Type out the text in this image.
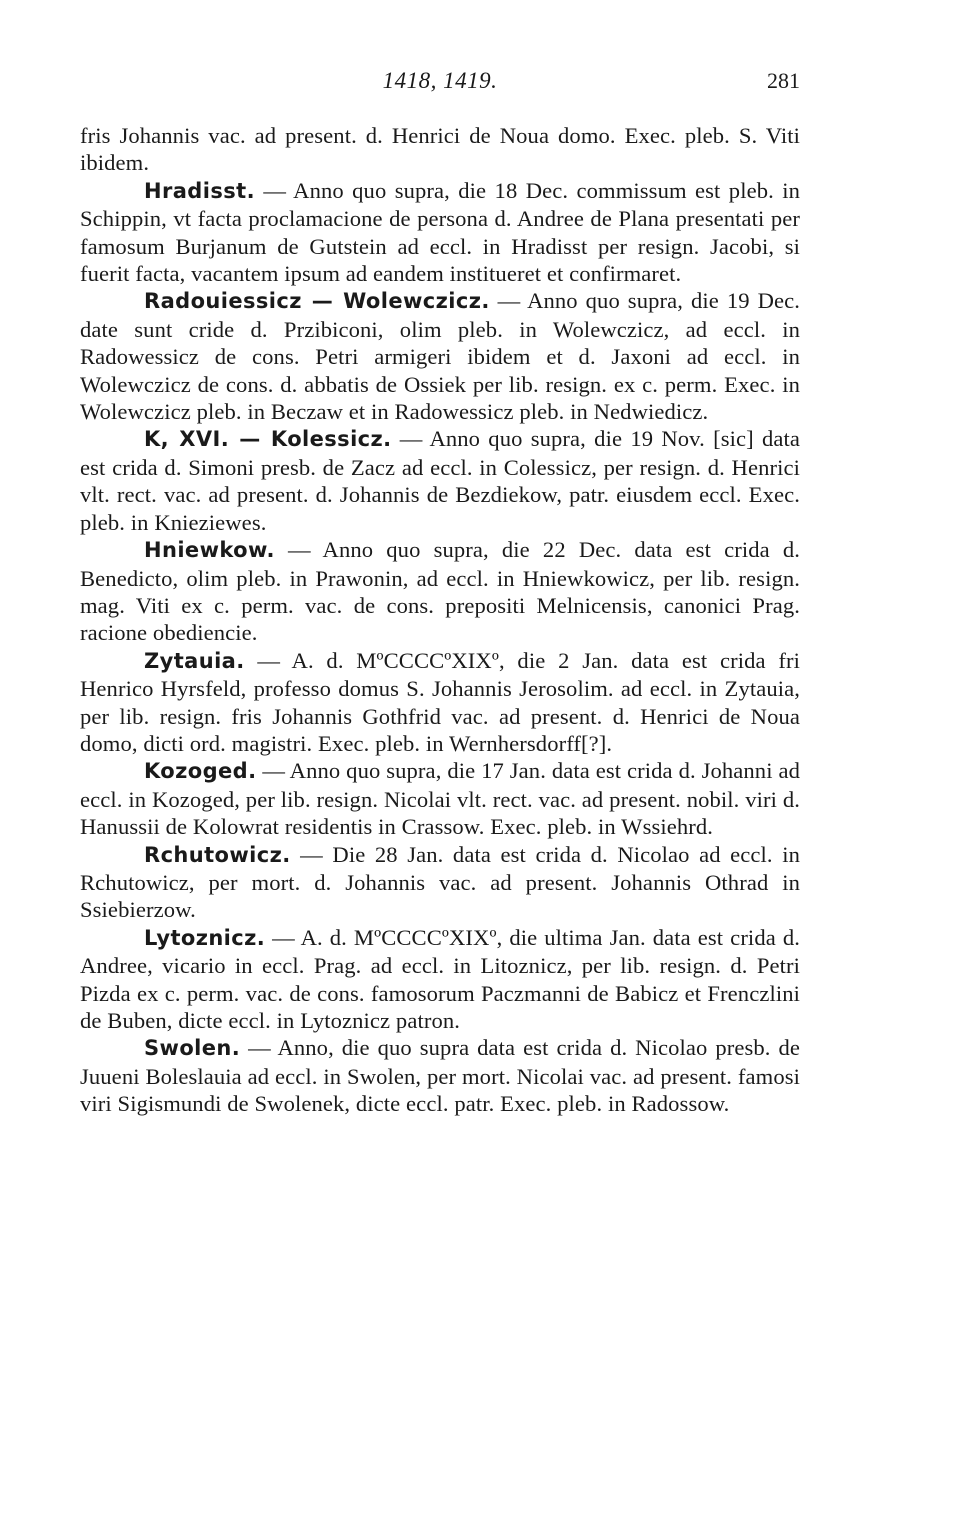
1418, 1419.	281

fris Johannis vac. ad present. d. Henrici de Noua domo. Exec. pleb. S. Viti ibidem.

Hradisst. — Anno quo supra, die 18 Dec. commissum est pleb. in Schippin, vt facta proclamacione de persona d. Andree de Plana presentati per famosum Burjanum de Gutstein ad eccl. in Hradisst per resign. Jacobi, si fuerit facta, vacantem ipsum ad eandem institueret et confirmaret.

Radouiessicz — Wolewczicz. — Anno quo supra, die 19 Dec. date sunt cride d. Przibiconi, olim pleb. in Wolewczicz, ad eccl. in Radowessicz de cons. Petri armigeri ibidem et d. Jaxoni ad eccl. in Wolewczicz de cons. d. abbatis de Ossiek per lib. resign. ex c. perm. Exec. in Wolewczicz pleb. in Beczaw et in Radowessicz pleb. in Nedwiedicz.

K, XVI. — Kolessicz. — Anno quo supra, die 19 Nov. [sic] data est crida d. Simoni presb. de Zacz ad eccl. in Colessicz, per resign. d. Henrici vlt. rect. vac. ad present. d. Johannis de Bezdiekow, patr. eiusdem eccl. Exec. pleb. in Knieziewes.

Hniewkow. — Anno quo supra, die 22 Dec. data est crida d. Benedicto, olim pleb. in Prawonin, ad eccl. in Hniewkowicz, per lib. resign. mag. Viti ex c. perm. vac. de cons. prepositi Melnicensis, canonici Prag. racione obediencie.

Zytauia. — A. d. MºCCCCºXIXº, die 2 Jan. data est crida fri Henrico Hyrsfeld, professo domus S. Johannis Jerosolim. ad eccl. in Zytauia, per lib. resign. fris Johannis Gothfrid vac. ad present. d. Henrici de Noua domo, dicti ord. magistri. Exec. pleb. in Wernhersdorff[?].

Kozoged. — Anno quo supra, die 17 Jan. data est crida d. Johanni ad eccl. in Kozoged, per lib. resign. Nicolai vlt. rect. vac. ad present. nobil. viri d. Hanussii de Kolowrat residentis in Crassow. Exec. pleb. in Wssiehrd.

Rchutowicz. — Die 28 Jan. data est crida d. Nicolao ad eccl. in Rchutowicz, per mort. d. Johannis vac. ad present. Johannis Othrad in Ssiebierzow.

Lytoznicz. — A. d. MºCCCCºXIXº, die ultima Jan. data est crida d. Andree, vicario in eccl. Prag. ad eccl. in Litoznicz, per lib. resign. d. Petri Pizda ex c. perm. vac. de cons. famosorum Paczmanni de Babicz et Frenczlini de Buben, dicte eccl. in Lytoznicz patron.

Swolen. — Anno, die quo supra data est crida d. Nicolao presb. de Juueni Boleslauia ad eccl. in Swolen, per mort. Nicolai vac. ad present. famosi viri Sigismundi de Swolenek, dicte eccl. patr. Exec. pleb. in Radossow.
